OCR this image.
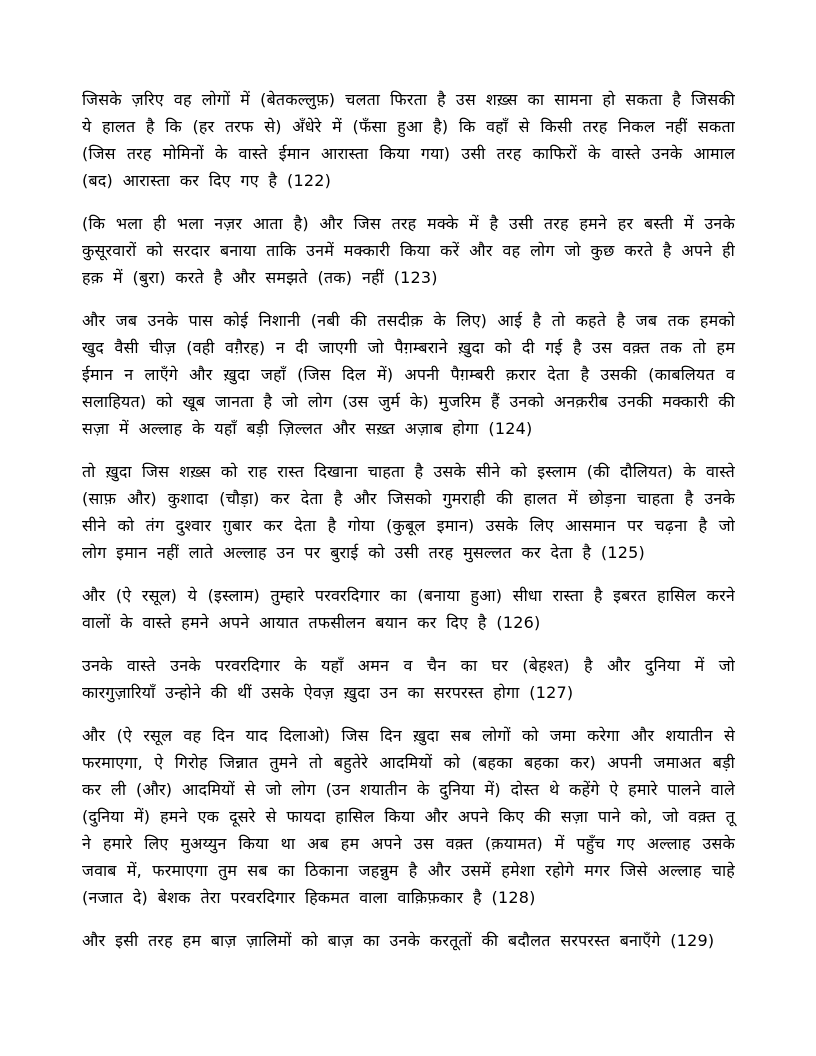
जिसके ज़रिए वह लोगों में (बेतकल्लुफ़) चलता फिरता है उस शख़्स का सामना हो सकता है जिसकी ये हालत है कि (हर तरफ से) अँधेरे में (फँसा हुआ है) कि वहाँ से किसी तरह निकल नहीं सकता (जिस तरह मोमिनों के वास्ते ईमान आरास्ता किया गया) उसी तरह काफिरों के वास्ते उनके आमाल (बद) आरास्ता कर दिए गए है (122)

(कि भला ही भला नज़र आता है) और जिस तरह मक्के में है उसी तरह हमने हर बस्ती में उनके कुसूरवारों को सरदार बनाया ताकि उनमें मक्कारी किया करें और वह लोग जो कुछ करते है अपने ही हक़ में (बुरा) करते है और समझते (तक) नहीं (123)

और जब उनके पास कोई निशानी (नबी की तसदीक़ के लिए) आई है तो कहते है जब तक हमको खुद वैसी चीज़ (वही वग़ैरह) न दी जाएगी जो पैग़म्बराने ख़ुदा को दी गई है उस वक़्त तक तो हम ईमान न लाएँगे और ख़ुदा जहाँ (जिस दिल में) अपनी पैग़म्बरी क़रार देता है उसकी (काबलियत व सलाहियत) को खूब जानता है जो लोग (उस जुर्म के) मुजरिम हैं उनको अनक़रीब उनकी मक्कारी की सज़ा में अल्लाह के यहाँ बड़ी ज़िल्लत और सख़्त अज़ाब होगा (124)

तो ख़ुदा जिस शख़्स को राह रास्त दिखाना चाहता है उसके सीने को इस्लाम (की दौलियत) के वास्ते (साफ़ और) कुशादा (चौड़ा) कर देता है और जिसको गुमराही की हालत में छोड़ना चाहता है उनके सीने को तंग दुश्वार ग़ुबार कर देता है गोया (कुबूल इमान) उसके लिए आसमान पर चढ़ना है जो लोग इमान नहीं लाते अल्लाह उन पर बुराई को उसी तरह मुसल्लत कर देता है (125)

और (ऐ रसूल) ये (इस्लाम) तुम्हारे परवरदिगार का (बनाया हुआ) सीधा रास्ता है इबरत हासिल करने वालों के वास्ते हमने अपने आयात तफसीलन बयान कर दिए है (126)

उनके वास्ते उनके परवरदिगार के यहाँ अमन व चैन का घर (बेहश्त) है और दुनिया में जो कारगुज़ारियाँ उन्होने की थीं उसके ऐवज़ ख़ुदा उन का सरपरस्त होगा (127)

और (ऐ रसूल वह दिन याद दिलाओ) जिस दिन ख़ुदा सब लोगों को जमा करेगा और शयातीन से फरमाएगा, ऐ गिरोह जिन्नात तुमने तो बहुतेरे आदमियों को (बहका बहका कर) अपनी जमाअत बड़ी कर ली (और) आदमियों से जो लोग (उन शयातीन के दुनिया में) दोस्त थे कहेंगे ऐ हमारे पालने वाले (दुनिया में) हमने एक दूसरे से फायदा हासिल किया और अपने किए की सज़ा पाने को, जो वक़्त तू ने हमारे लिए मुअय्युन किया था अब हम अपने उस वक़्त (क़यामत) में पहुँच गए अल्लाह उसके जवाब में, फरमाएगा तुम सब का ठिकाना जहन्नुम है और उसमें हमेशा रहोगे मगर जिसे अल्लाह चाहे (नजात दे) बेशक तेरा परवरदिगार हिकमत वाला वाक़िफ़कार है (128)

और इसी तरह हम बाज़ ज़ालिमों को बाज़ का उनके करतूतों की बदौलत सरपरस्त बनाएँगे (129)
